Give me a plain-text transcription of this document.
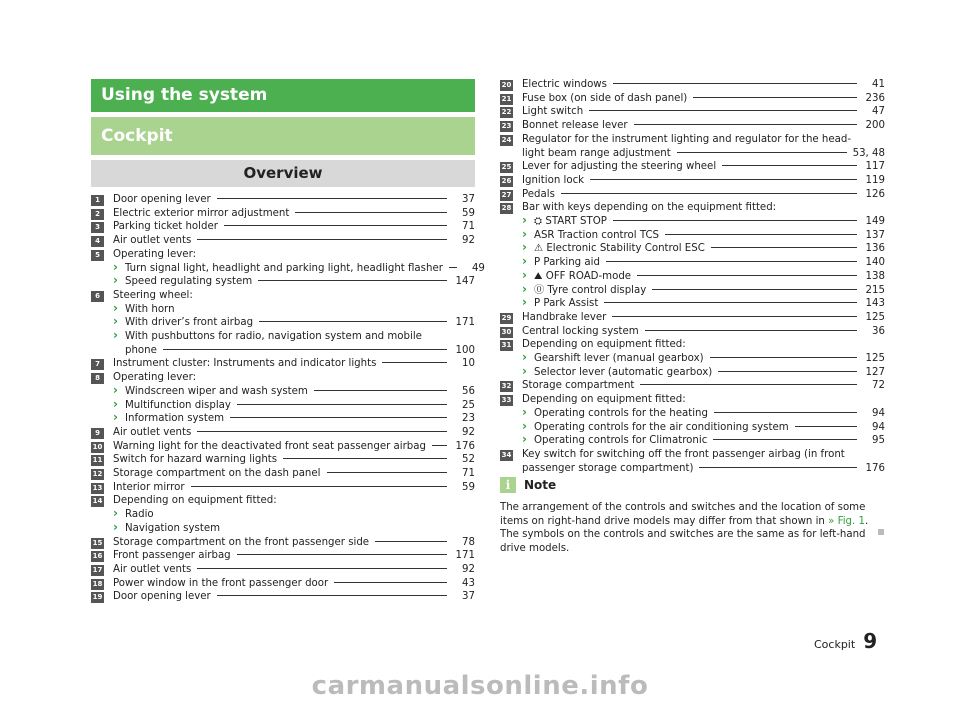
Using the system
Cockpit
Overview
1	Door opening lever	37
2	Electric exterior mirror adjustment	59
3	Parking ticket holder	71
4	Air outlet vents	92
5	Operating lever:
› Turn signal light, headlight and parking light, headlight flasher	49
› Speed regulating system	147
6	Steering wheel:
› With horn
› With driver’s front airbag	171
› With pushbuttons for radio, navigation system and mobile
phone	100
7	Instrument cluster: Instruments and indicator lights	10
8	Operating lever:
› Windscreen wiper and wash system	56
› Multifunction display	25
› Information system	23
9	Air outlet vents	92
10 Warning light for the deactivated front seat passenger airbag	176
11 Switch for hazard warning lights	52
12 Storage compartment on the dash panel	71
13 Interior mirror	59
14 Depending on equipment fitted:
› Radio
› Navigation system
15 Storage compartment on the front passenger side	78
16 Front passenger airbag	171
17 Air outlet vents	92
18 Power window in the front passenger door	43
19 Door opening lever	37
20 Electric windows	41
21 Fuse box (on side of dash panel)	236
22 Light switch	47
23 Bonnet release lever	200
24 Regulator for the instrument lighting and regulator for the head-
light beam range adjustment	53, 48
25 Lever for adjusting the steering wheel	117
26 Ignition lock	119
27 Pedals	126
28 Bar with keys depending on the equipment fitted:
› ⛭ START STOP	149
› ASR Traction control TCS	137
› ⚠ Electronic Stability Control ESC	136
› P Parking aid	140
› ⛰ OFF ROAD-mode	138
› ⓪ Tyre control display	215
› P Park Assist	143
29 Handbrake lever	125
30 Central locking system	36
31 Depending on equipment fitted:
› Gearshift lever (manual gearbox)	125
› Selector lever (automatic gearbox)	127
32 Storage compartment	72
33 Depending on equipment fitted:
› Operating controls for the heating	94
› Operating controls for the air conditioning system	94
› Operating controls for Climatronic	95
34 Key switch for switching off the front passenger airbag (in front
passenger storage compartment)	176
i	Note
The arrangement of the controls and switches and the location of some items on right-hand drive models may differ from that shown in » Fig. 1. The symbols on the controls and switches are the same as for left-hand drive models.
Cockpit 9
carmanualsonline.info
